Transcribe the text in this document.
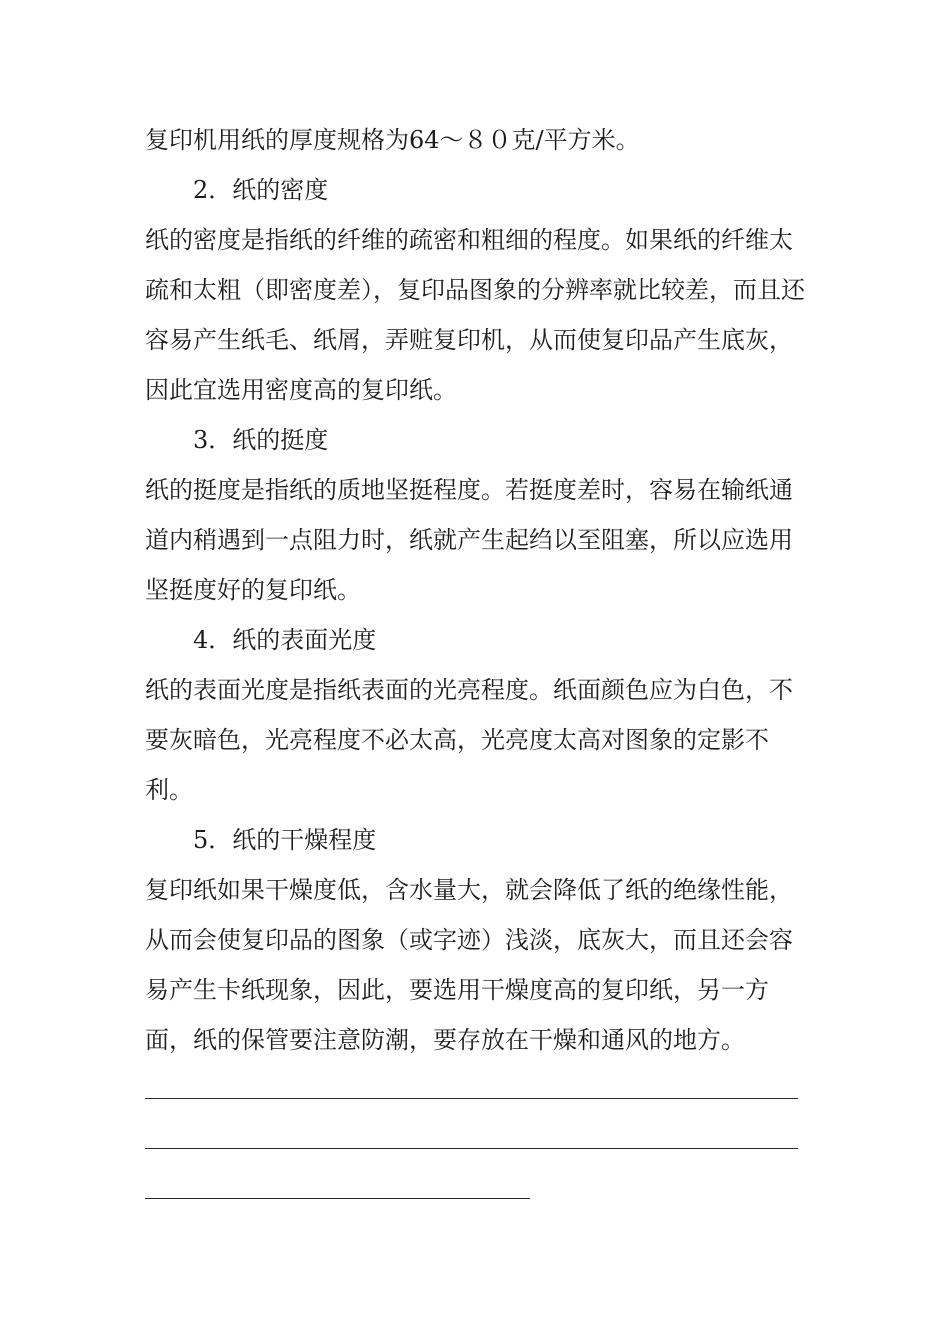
复印机用纸的厚度规格为64～８０克/平方米。

2．纸的密度

纸的密度是指纸的纤维的疏密和粗细的程度。如果纸的纤维太疏和太粗（即密度差），复印品图象的分辨率就比较差，而且还容易产生纸毛、纸屑，弄赃复印机，从而使复印品产生底灰，因此宜选用密度高的复印纸。

3．纸的挺度

纸的挺度是指纸的质地坚挺程度。若挺度差时，容易在输纸通道内稍遇到一点阻力时，纸就产生起绉以至阻塞，所以应选用坚挺度好的复印纸。

4．纸的表面光度

纸的表面光度是指纸表面的光亮程度。纸面颜色应为白色，不要灰暗色，光亮程度不必太高，光亮度太高对图象的定影不利。

5．纸的干燥程度

复印纸如果干燥度低，含水量大，就会降低了纸的绝缘性能，从而会使复印品的图象（或字迹）浅淡，底灰大，而且还会容易产生卡纸现象，因此，要选用干燥度高的复印纸，另一方面，纸的保管要注意防潮，要存放在干燥和通风的地方。
